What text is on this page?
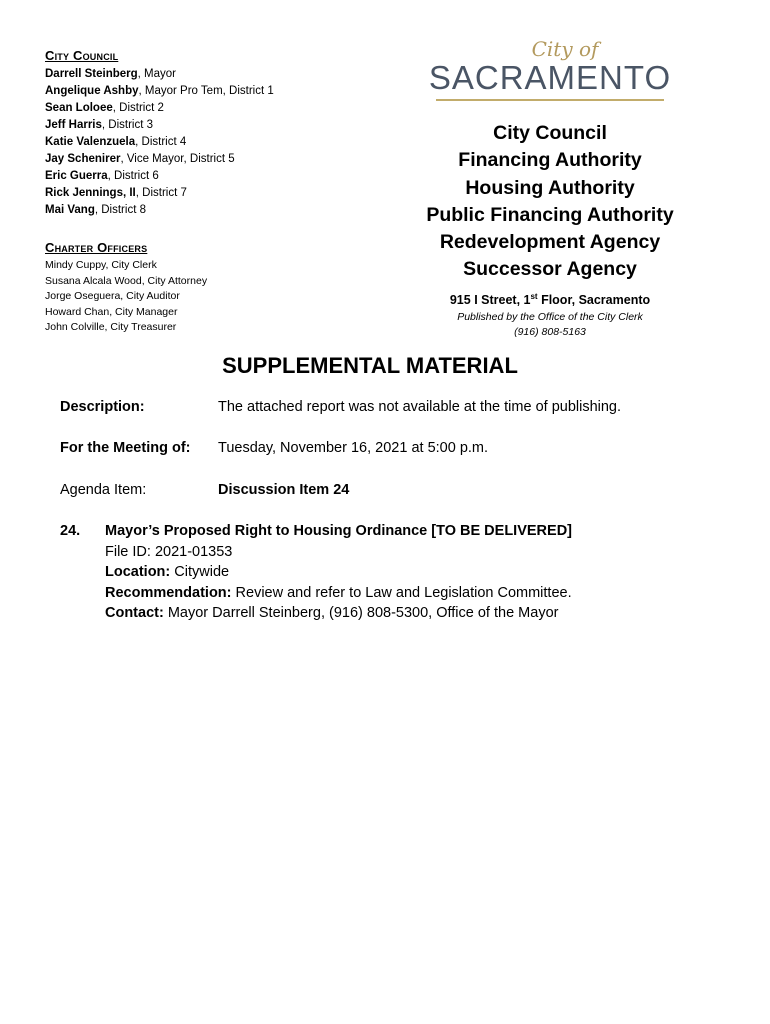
City Council
Darrell Steinberg, Mayor
Angelique Ashby, Mayor Pro Tem, District 1
Sean Loloee, District 2
Jeff Harris, District 3
Katie Valenzuela, District 4
Jay Schenirer, Vice Mayor, District 5
Eric Guerra, District 6
Rick Jennings, II, District 7
Mai Vang, District 8
Charter Officers
Mindy Cuppy, City Clerk
Susana Alcala Wood, City Attorney
Jorge Oseguera, City Auditor
Howard Chan, City Manager
John Colville, City Treasurer
City of
SACRAMENTO
City Council
Financing Authority
Housing Authority
Public Financing Authority
Redevelopment Agency
Successor Agency
915 I Street, 1st Floor, Sacramento
Published by the Office of the City Clerk
(916) 808-5163
SUPPLEMENTAL MATERIAL
Description:	The attached report was not available at the time of publishing.
For the Meeting of: Tuesday, November 16, 2021 at 5:00 p.m.
Agenda Item:	Discussion Item 24
24. Mayor’s Proposed Right to Housing Ordinance [TO BE DELIVERED]
File ID: 2021-01353
Location: Citywide
Recommendation: Review and refer to Law and Legislation Committee.
Contact: Mayor Darrell Steinberg, (916) 808-5300, Office of the Mayor
